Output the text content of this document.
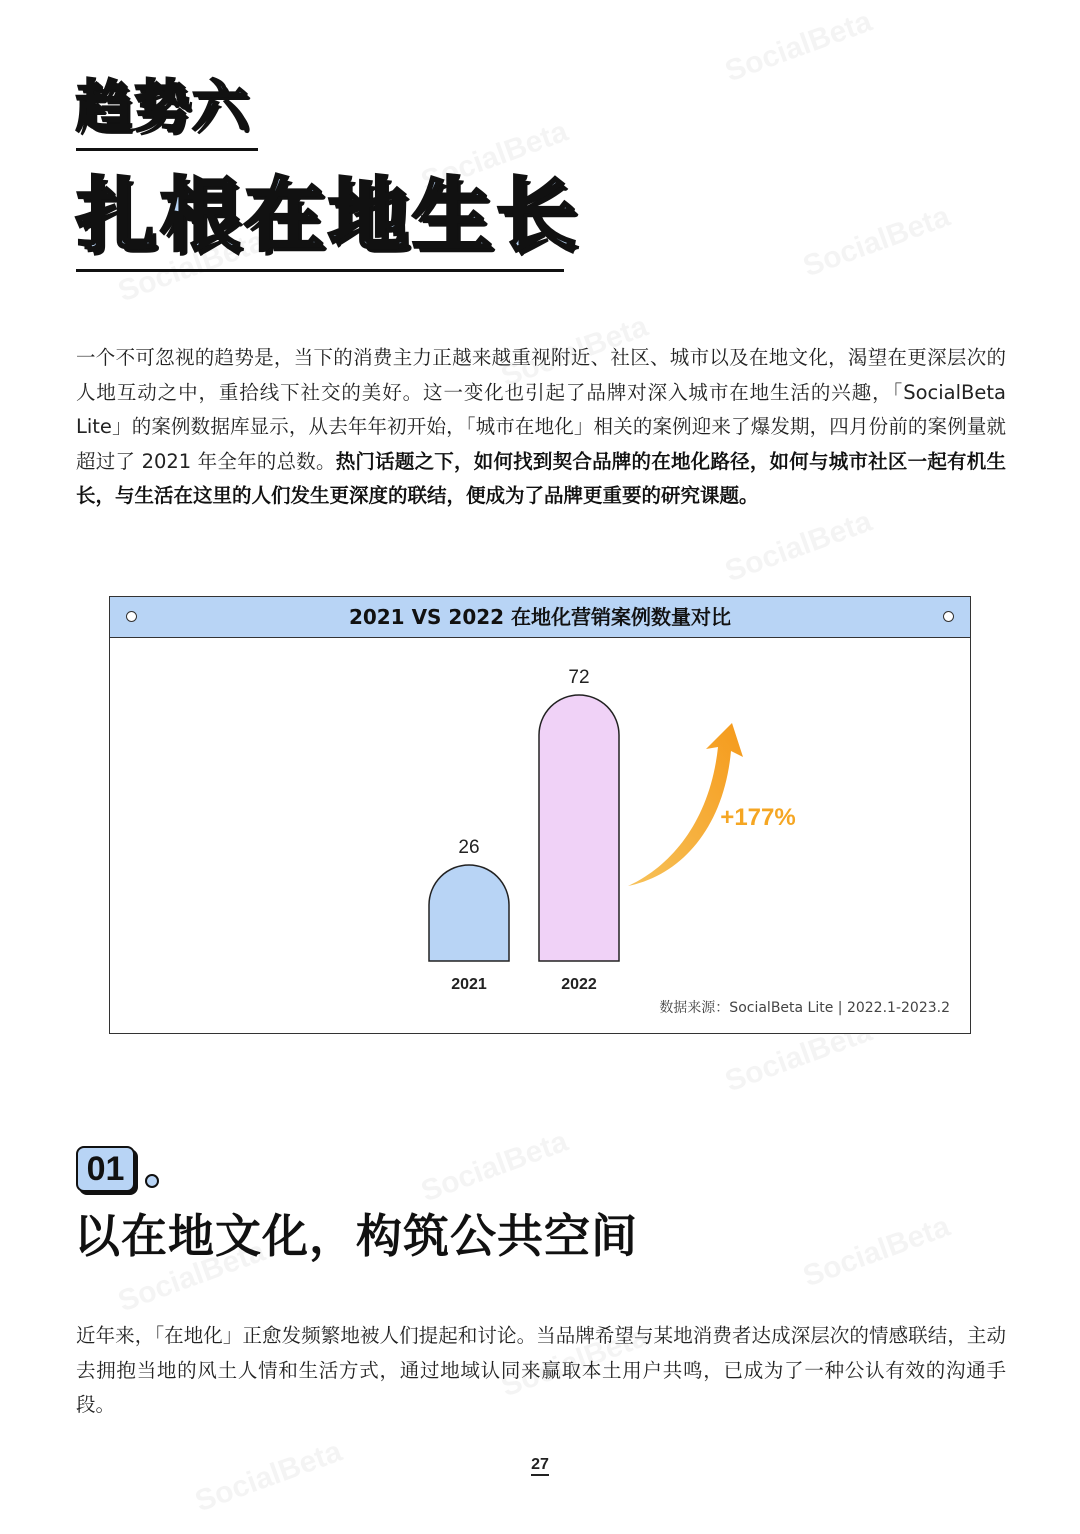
趋势六
扎根在地生长
一个不可忽视的趋势是，当下的消费主力正越来越重视附近、社区、城市以及在地文化，渴望在更深层次的人地互动之中，重拾线下社交的美好。这一变化也引起了品牌对深入城市在地生活的兴趣，「SocialBeta Lite」的案例数据库显示，从去年年初开始，「城市在地化」相关的案例迎来了爆发期，四月份前的案例量就超过了 2021 年全年的总数。热门话题之下，如何找到契合品牌的在地化路径，如何与城市社区一起有机生长，与生活在这里的人们发生更深度的联结，便成为了品牌更重要的研究课题。
2021 VS 2022 在地化营销案例数量对比
26
2021
72
2022
+177%
数据来源：SocialBeta Lite | 2022.1-2023.2
01
以在地文化，构筑公共空间
近年来，「在地化」正愈发频繁地被人们提起和讨论。当品牌希望与某地消费者达成深层次的情感联结，主动去拥抱当地的风土人情和生活方式，通过地域认同来赢取本土用户共鸣，已成为了一种公认有效的沟通手段。
27
